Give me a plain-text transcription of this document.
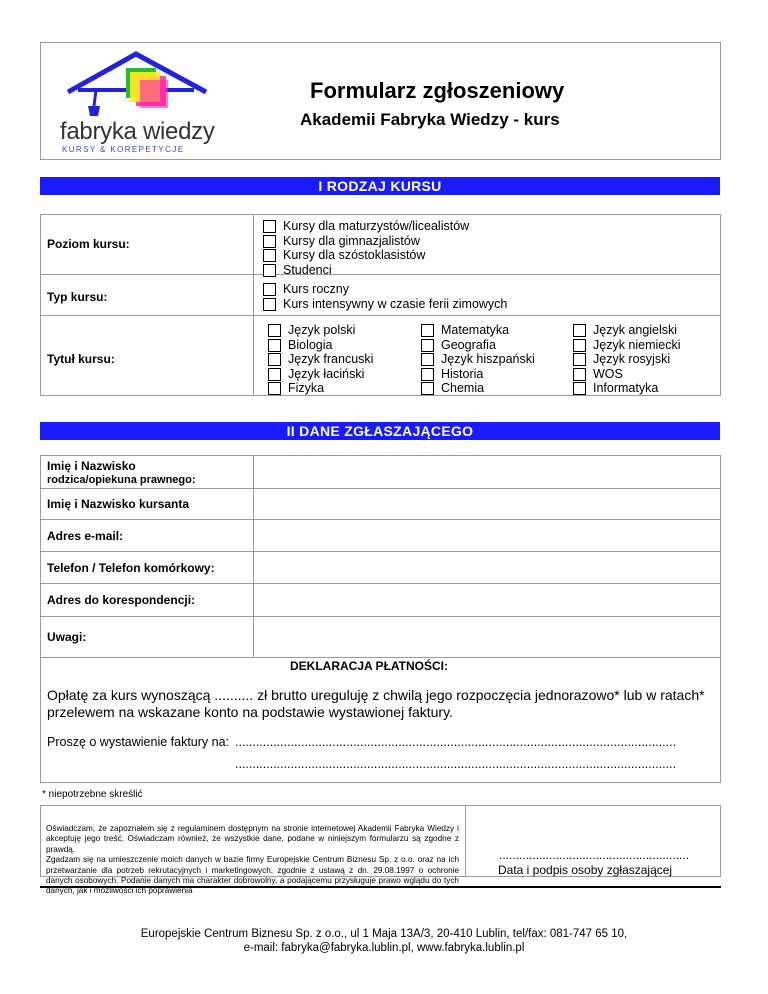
fabryka wiedzy
KURSY & KOREPETYCJE
Formularz zgłoszeniowy
Akademii Fabryka Wiedzy - kurs
I RODZAJ KURSU
Poziom kursu:
Kursy dla maturzystów/licealistów
Kursy dla gimnazjalistów
Kursy dla szóstoklasistów
Studenci
Typ kursu:
Kurs roczny
Kurs intensywny w czasie ferii zimowych
Tytuł kursu:
Język polski
Biologia
Język francuski
Język łaciński
Fizyka
Matematyka
Geografia
Język hiszpański
Historia
Chemia
Język angielski
Język niemiecki
Język rosyjski
WOS
Informatyka
II DANE ZGŁASZAJĄCEGO
Imię i Nazwisko
rodzica/opiekuna prawnego:
Imię i Nazwisko kursanta
Adres e-mail:
Telefon / Telefon komórkowy:
Adres do korespondencji:
Uwagi:
DEKLARACJA PŁATNOŚCI:
Opłatę za kurs wynoszącą .......... zł brutto ureguluję z chwilą jego rozpoczęcia jednorazowo* lub w ratach* przelewem na wskazane konto na podstawie wystawionej faktury.
Proszę o wystawienie faktury na: ...............................................................................................................................
...............................................................................................................................
* niepotrzebne skreślić
Oświadczam, że zapoznałem się z regulaminem dostępnym na stronie internetowej Akademii Fabryka Wiedzy i akceptuję jego treść. Oświadczam również, że wszystkie dane, podane w niniejszym formularzu są zgodne z prawdą.
Zgadzam się na umieszczenie moich danych w bazie firmy Europejskie Centrum Biznesu Sp. z o.o. oraz na ich przetwarzanie dla potrzeb rekrutacyjnych i marketingowych, zgodnie z ustawą z dn. 29.08.1997 o ochronie danych osobowych. Podanie danych ma charakter dobrowolny, a podającemu przysługuje prawo wglądu do tych danych, jak i możliwości ich poprawienia
.........................................................
Data i podpis osoby zgłaszającej
Europejskie Centrum Biznesu Sp. z o.o., ul 1 Maja 13A/3, 20-410 Lublin, tel/fax: 081-747 65 10,
e-mail: fabryka@fabryka.lublin.pl, www.fabryka.lublin.pl
